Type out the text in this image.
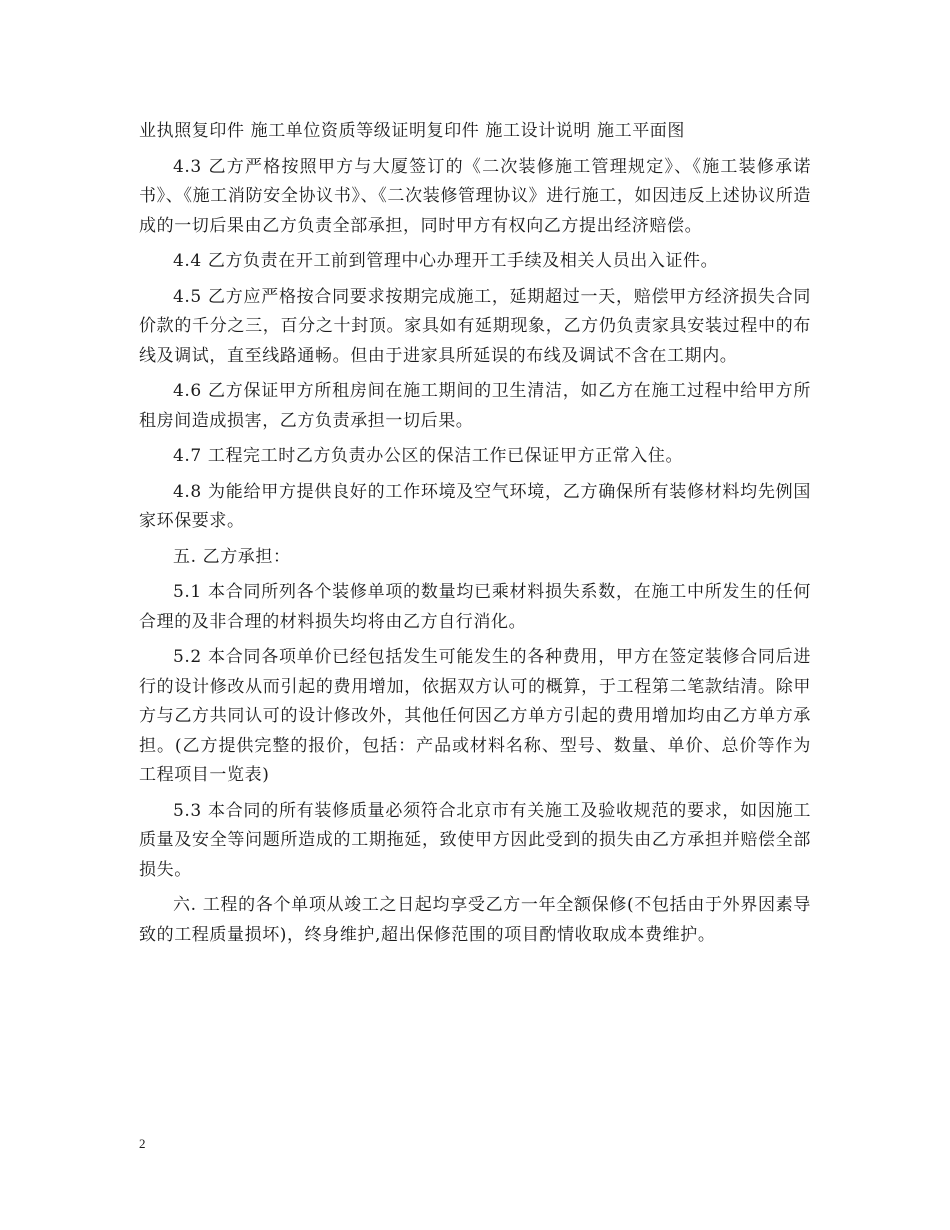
业执照复印件 施工单位资质等级证明复印件 施工设计说明 施工平面图

4.3 乙方严格按照甲方与大厦签订的《二次装修施工管理规定》、《施工装修承诺书》、《施工消防安全协议书》、《二次装修管理协议》进行施工，如因违反上述协议所造成的一切后果由乙方负责全部承担，同时甲方有权向乙方提出经济赔偿。

4.4 乙方负责在开工前到管理中心办理开工手续及相关人员出入证件。

4.5 乙方应严格按合同要求按期完成施工，延期超过一天，赔偿甲方经济损失合同价款的千分之三，百分之十封顶。家具如有延期现象，乙方仍负责家具安装过程中的布线及调试，直至线路通畅。但由于进家具所延误的布线及调试不含在工期内。

4.6 乙方保证甲方所租房间在施工期间的卫生清洁，如乙方在施工过程中给甲方所租房间造成损害，乙方负责承担一切后果。

4.7 工程完工时乙方负责办公区的保洁工作已保证甲方正常入住。

4.8 为能给甲方提供良好的工作环境及空气环境，乙方确保所有装修材料均先例国家环保要求。

五. 乙方承担：

5.1 本合同所列各个装修单项的数量均已乘材料损失系数，在施工中所发生的任何合理的及非合理的材料损失均将由乙方自行消化。

5.2 本合同各项单价已经包括发生可能发生的各种费用，甲方在签定装修合同后进行的设计修改从而引起的费用增加，依据双方认可的概算，于工程第二笔款结清。除甲方与乙方共同认可的设计修改外，其他任何因乙方单方引起的费用增加均由乙方单方承担。(乙方提供完整的报价，包括：产品或材料名称、型号、数量、单价、总价等作为工程项目一览表)

5.3 本合同的所有装修质量必须符合北京市有关施工及验收规范的要求，如因施工质量及安全等问题所造成的工期拖延，致使甲方因此受到的损失由乙方承担并赔偿全部损失。

六. 工程的各个单项从竣工之日起均享受乙方一年全额保修(不包括由于外界因素导致的工程质量损坏)，终身维护,超出保修范围的项目酌情收取成本费维护。

2
